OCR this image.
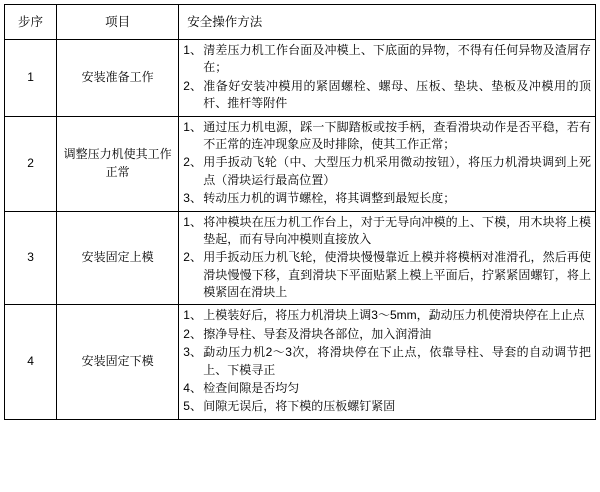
步序	项目	安全操作方法
1	安装准备工作	
1、 清差压力机工作台面及冲模上、下底面的异物，不得有任何异物及渣屑存在；
2、 准备好安装冲模用的紧固螺栓、螺母、压板、垫块、垫板及冲模用的顶杆、推杆等附件

2	调整压力机使其工作正常	
1、 通过压力机电源，踩一下脚踏板或按手柄，查看滑块动作是否平稳，若有不正常的连冲现象应及时排除，使其工作正常；
2、 用手扳动飞轮（中、大型压力机采用微动按钮），将压力机滑块调到上死点（滑块运行最高位置）
3、 转动压力机的调节螺栓，将其调整到最短长度；

3	安装固定上模	
1、 将冲模块在压力机工作台上，对于无导向冲模的上、下模，用木块将上模垫起，而有导向冲模则直接放入
2、 用手扳动压力机飞轮，使滑块慢慢靠近上模并将模柄对准滑孔，然后再使滑块慢慢下移，直到滑块下平面贴紧上模上平面后，拧紧紧固螺钉，将上模紧固在滑块上

4	安装固定下模	
1、 上模装好后，将压力机滑块上调3～5mm，勐动压力机使滑块停在上止点
2、 擦净导柱、导套及滑块各部位，加入润滑油
3、 勐动压力机2～3次，将滑块停在下止点，依靠导柱、导套的自动调节把上、下模寻正
4、 检查间隙是否均匀
5、 间隙无误后，将下模的压板螺钉紧固
